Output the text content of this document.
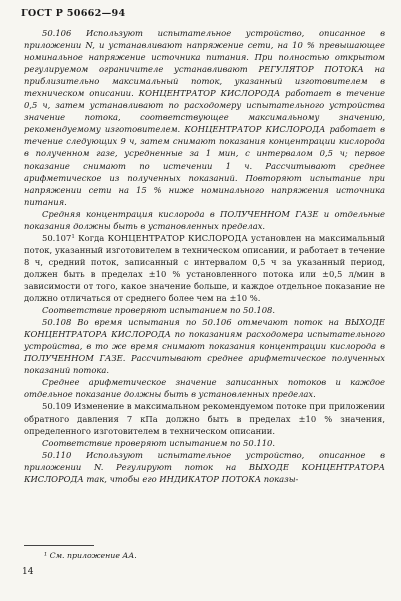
ГОСТ Р 50662—94

50.106 Используют испытательное устройство, описанное в приложении N, и устанавливают напряжение сети, на 10 % превышающее номинальное напряжение источника питания. При полностью открытом регулируемом ограничителе устанавливают РЕГУЛЯТОР ПОТОКА на приблизительно максимальный поток, указанный изготовителем в техническом описании. КОНЦЕНТРАТОР КИСЛОРОДА работает в течение 0,5 ч, затем устанавливают по расходомеру испытательного устройства значение потока, соответствующее максимальному значению, рекомендуемому изготовителем. КОНЦЕНТРАТОР КИСЛОРОДА работает в течение следующих 9 ч, затем снимают показания концентрации кислорода в полученном газе, усредненные за 1 мин, с интервалом 0,5 ч; первое показание снимают по истечении 1 ч. Рассчитывают среднее арифметическое из полученных показаний. Повторяют испытание при напряжении сети на 15 % ниже номинального напряжения источника питания.

Средняя концентрация кислорода в ПОЛУЧЕННОМ ГАЗЕ и отдельные показания должны быть в установленных пределах.

50.107$^1$ Когда КОНЦЕНТРАТОР КИСЛОРОДА установлен на максимальный поток, указанный изготовителем в техническом описании, и работает в течение 8 ч, средний поток, записанный с интервалом 0,5 ч за указанный период, должен быть в пределах ±10 % установленного потока или ±0,5 л/мин в зависимости от того, какое значение больше, и каждое отдельное показание не должно отличаться от среднего более чем на ±10 %.

Соответствие проверяют испытанием по 50.108.

50.108 Во время испытания по 50.106 отмечают поток на ВЫХОДЕ КОНЦЕНТРАТОРА КИСЛОРОДА по показаниям расходомера испытательного устройства, в то же время снимают показания концентрации кислорода в ПОЛУЧЕННОМ ГАЗЕ. Рассчитывают среднее арифметическое полученных показаний потока.

Среднее арифметическое значение записанных потоков и каждое отдельное показание должны быть в установленных пределах.

50.109 Изменение в максимальном рекомендуемом потоке при приложении обратного давления 7 кПа должно быть в пределах ±10 % значения, определенного изготовителем в техническом описании.

Соответствие проверяют испытанием по 50.110.

50.110 Используют испытательное устройство, описанное в приложении N. Регулируют поток на ВЫХОДЕ КОНЦЕНТРАТОРА КИСЛОРОДА так, чтобы его ИНДИКАТОР ПОТОКА показы-

¹ См. приложение АА.
14
